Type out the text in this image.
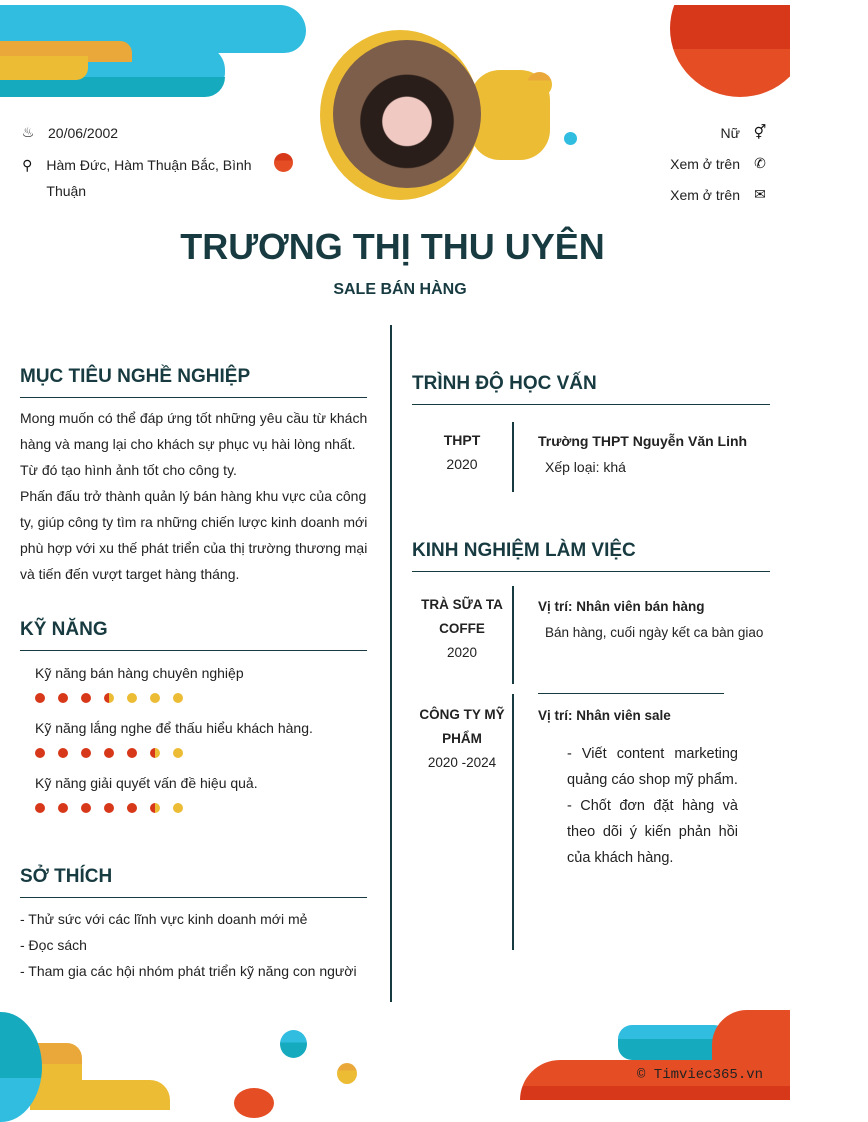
♨ 20/06/2002
⚲ Hàm Đức, Hàm Thuận Bắc, Bình Thuận
Nữ ⚥
Xem ở trên ✆
Xem ở trên ✉
TRƯƠNG THỊ THU UYÊN
SALE BÁN HÀNG
MỤC TIÊU NGHỀ NGHIỆP
Mong muốn có thể đáp ứng tốt những yêu cầu từ khách hàng và mang lại cho khách sự phục vụ hài lòng nhất. Từ đó tạo hình ảnh tốt cho công ty.
Phấn đấu trở thành quản lý bán hàng khu vực của công ty, giúp công ty tìm ra những chiến lược kinh doanh mới phù hợp với xu thế phát triển của thị trường thương mại và tiến đến vượt target hàng tháng.
KỸ NĂNG
Kỹ năng bán hàng chuyên nghiệp
Kỹ năng lắng nghe để thấu hiểu khách hàng.
Kỹ năng giải quyết vấn đề hiệu quả.
SỞ THÍCH
- Thử sức với các lĩnh vực kinh doanh mới mẻ
- Đọc sách
- Tham gia các hội nhóm phát triển kỹ năng con người
TRÌNH ĐỘ HỌC VẤN
THPT
2020
Trường THPT Nguyễn Văn Linh
Xếp loại: khá
KINH NGHIỆM LÀM VIỆC
TRÀ SỮA TA COFFE
2020
Vị trí: Nhân viên bán hàng
Bán hàng, cuối ngày kết ca bàn giao
CÔNG TY MỸ PHẨM
2020 -2024
Vị trí: Nhân viên sale
- Viết content marketing quảng cáo shop mỹ phẩm.
- Chốt đơn đặt hàng và theo dõi ý kiến phản hồi của khách hàng.
© Timviec365.vn
